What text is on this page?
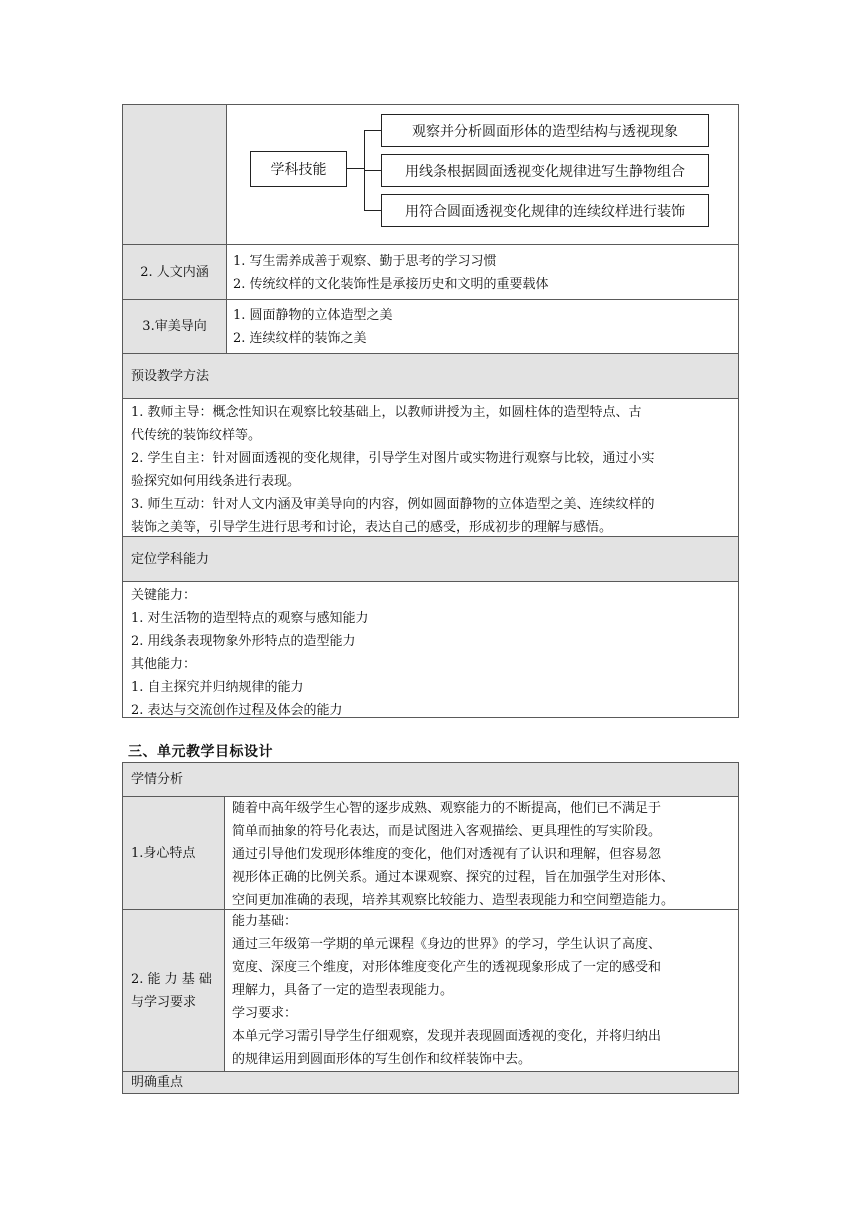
学科技能
观察并分析圆面形体的造型结构与透视现象
用线条根据圆面透视变化规律进写生静物组合
用符合圆面透视变化规律的连续纹样进行装饰
2. 人文内涵
1. 写生需养成善于观察、勤于思考的学习习惯
2. 传统纹样的文化装饰性是承接历史和文明的重要载体
3.审美导向
1. 圆面静物的立体造型之美
2. 连续纹样的装饰之美
预设教学方法
1. 教师主导：概念性知识在观察比较基础上，以教师讲授为主，如圆柱体的造型特点、古
代传统的装饰纹样等。
2. 学生自主：针对圆面透视的变化规律，引导学生对图片或实物进行观察与比较，通过小实
验探究如何用线条进行表现。
3. 师生互动：针对人文内涵及审美导向的内容，例如圆面静物的立体造型之美、连续纹样的
装饰之美等，引导学生进行思考和讨论，表达自己的感受，形成初步的理解与感悟。
定位学科能力
关键能力：
1. 对生活物的造型特点的观察与感知能力
2. 用线条表现物象外形特点的造型能力
其他能力：
1. 自主探究并归纳规律的能力
2. 表达与交流创作过程及体会的能力
三、单元教学目标设计
学情分析
1.身心特点
随着中高年级学生心智的逐步成熟、观察能力的不断提高，他们已不满足于
简单而抽象的符号化表达，而是试图进入客观描绘、更具理性的写实阶段。
通过引导他们发现形体维度的变化，他们对透视有了认识和理解，但容易忽
视形体正确的比例关系。通过本课观察、探究的过程，旨在加强学生对形体、
空间更加准确的表现，培养其观察比较能力、造型表现能力和空间塑造能力。
2. 能 力 基 础
与学习要求
能力基础：
通过三年级第一学期的单元课程《身边的世界》的学习，学生认识了高度、
宽度、深度三个维度，对形体维度变化产生的透视现象形成了一定的感受和
理解力，具备了一定的造型表现能力。
学习要求：
本单元学习需引导学生仔细观察，发现并表现圆面透视的变化，并将归纳出
的规律运用到圆面形体的写生创作和纹样装饰中去。
明确重点
